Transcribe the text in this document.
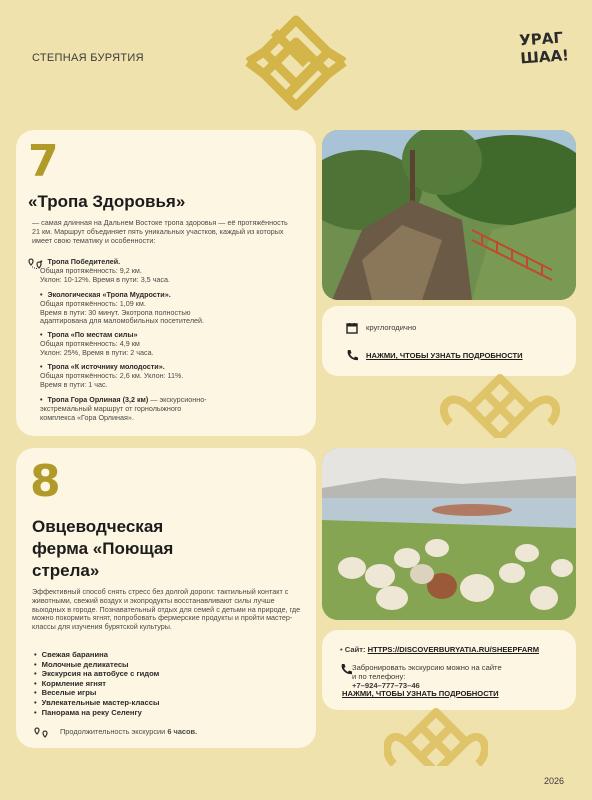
СТЕПНАЯ БУРЯТИЯ
УРАГ
ШАА!
7
«Тропа Здоровья»
— самая длинная на Дальнем Востоке тропа здоровья — её протяжённость 21 км. Маршрут объединяет пять уникальных участков, каждый из которых имеет свою тематику и особенности:
• Тропа Победителей.
Общая протяжённость: 9,2 км.
Уклон: 10-12%. Время в пути: 3,5 часа.
• Экологическая «Тропа Мудрости».
Общая протяжённость: 1,09 км.
Время в пути: 30 минут. Экотропа полностью
адаптирована для маломобильных посетителей.
• Тропа «По местам силы»
Общая протяжённость: 4,9 км
Уклон: 25%, Время в пути: 2 часа.
• Тропа «К источнику молодости».
Общая протяжённость: 2,6 км. Уклон: 11%.
Время в пути: 1 час.
• Тропа Гора Орлиная (3,2 км) — экскурсионно-
экстремальный маршрут от горнолыжного
комплекса «Гора Орлиная».
круглогодично
НАЖМИ, ЧТОБЫ УЗНАТЬ ПОДРОБНОСТИ
8
Овцеводческая
ферма «Поющая
стрела»
Эффективный способ снять стресс без долгой дороги: тактильный контакт с животными, свежий воздух и экопродукты восстанавливают силы лучше выходных в городе. Познавательный отдых для семей с детьми на природе, где можно покормить ягнят, попробовать фермерские продукты и пройти мастер-классы для изучения бурятской культуры.
• Свежая баранина
• Молочные деликатесы
• Экскурсия на автобусе с гидом
• Кормление ягнят
• Веселые игры
• Увлекательные мастер-классы
• Панорама на реку Селенгу
Продолжительность экскурсии 6 часов.
• Сайт: HTTPS://DISCOVERBURYATIA.RU/SHEEPFARM
Забронировать экскурсию можно на сайте
и по телефону:
+7–924–777–73–46
НАЖМИ, ЧТОБЫ УЗНАТЬ ПОДРОБНОСТИ
2026
